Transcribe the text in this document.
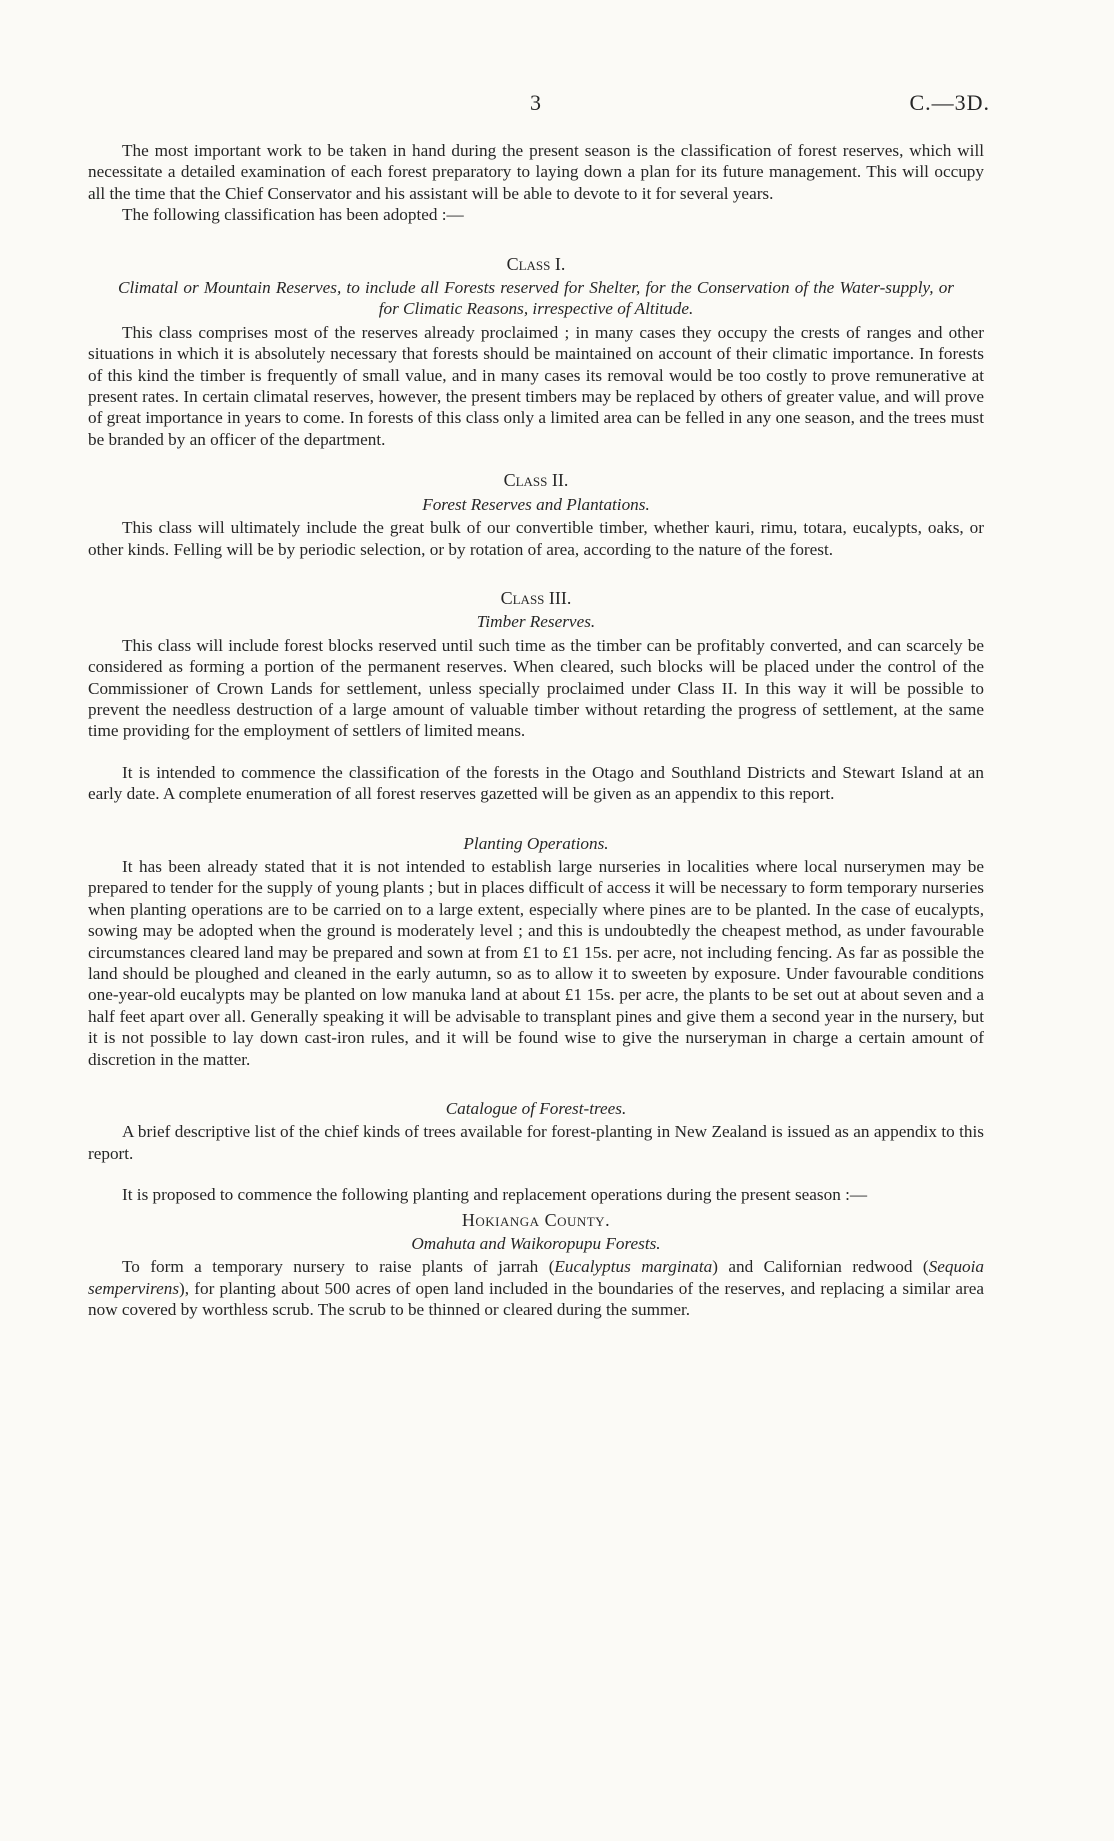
3	C.—3D.

The most important work to be taken in hand during the present season is the classification of forest reserves, which will necessitate a detailed examination of each forest preparatory to laying down a plan for its future management. This will occupy all the time that the Chief Conservator and his assistant will be able to devote to it for several years.

The following classification has been adopted :—

Class I.
Climatal or Mountain Reserves, to include all Forests reserved for Shelter, for the Conservation of the Water-supply, or for Climatic Reasons, irrespective of Altitude.

This class comprises most of the reserves already proclaimed ; in many cases they occupy the crests of ranges and other situations in which it is absolutely necessary that forests should be maintained on account of their climatic importance. In forests of this kind the timber is frequently of small value, and in many cases its removal would be too costly to prove remunerative at present rates. In certain climatal reserves, however, the present timbers may be replaced by others of greater value, and will prove of great importance in years to come. In forests of this class only a limited area can be felled in any one season, and the trees must be branded by an officer of the department.

Class II.
Forest Reserves and Plantations.

This class will ultimately include the great bulk of our convertible timber, whether kauri, rimu, totara, eucalypts, oaks, or other kinds. Felling will be by periodic selection, or by rotation of area, according to the nature of the forest.

Class III.
Timber Reserves.

This class will include forest blocks reserved until such time as the timber can be profitably converted, and can scarcely be considered as forming a portion of the permanent reserves. When cleared, such blocks will be placed under the control of the Commissioner of Crown Lands for settlement, unless specially proclaimed under Class II. In this way it will be possible to prevent the needless destruction of a large amount of valuable timber without retarding the progress of settlement, at the same time providing for the employment of settlers of limited means.

It is intended to commence the classification of the forests in the Otago and Southland Districts and Stewart Island at an early date. A complete enumeration of all forest reserves gazetted will be given as an appendix to this report.

Planting Operations.

It has been already stated that it is not intended to establish large nurseries in localities where local nurserymen may be prepared to tender for the supply of young plants ; but in places difficult of access it will be necessary to form temporary nurseries when planting operations are to be carried on to a large extent, especially where pines are to be planted. In the case of eucalypts, sowing may be adopted when the ground is moderately level ; and this is undoubtedly the cheapest method, as under favourable circumstances cleared land may be prepared and sown at from £1 to £1 15s. per acre, not including fencing. As far as possible the land should be ploughed and cleaned in the early autumn, so as to allow it to sweeten by exposure. Under favourable conditions one-year-old eucalypts may be planted on low manuka land at about £1 15s. per acre, the plants to be set out at about seven and a half feet apart over all. Generally speaking it will be advisable to transplant pines and give them a second year in the nursery, but it is not possible to lay down cast-iron rules, and it will be found wise to give the nurseryman in charge a certain amount of discretion in the matter.

Catalogue of Forest-trees.

A brief descriptive list of the chief kinds of trees available for forest-planting in New Zealand is issued as an appendix to this report.

It is proposed to commence the following planting and replacement operations during the present season :—

Hokianga County.
Omahuta and Waikoropupu Forests.

To form a temporary nursery to raise plants of jarrah (Eucalyptus marginata) and Californian redwood (Sequoia sempervirens), for planting about 500 acres of open land included in the boundaries of the reserves, and replacing a similar area now covered by worthless scrub. The scrub to be thinned or cleared during the summer.
